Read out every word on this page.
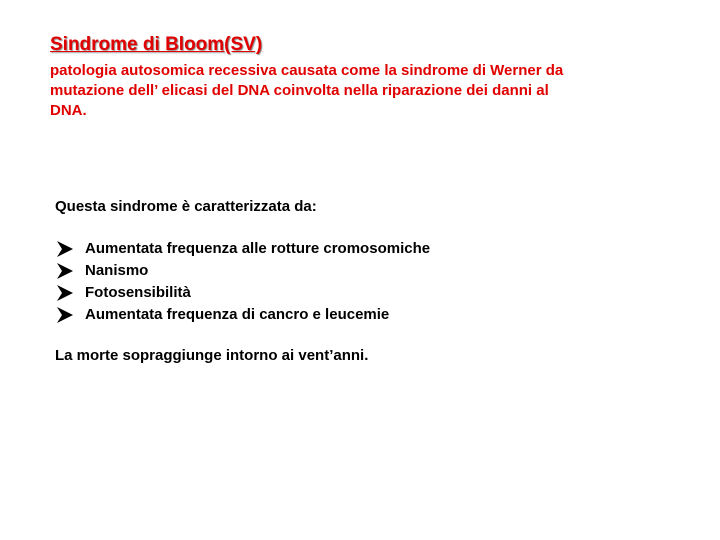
Sindrome di Bloom(SV)
patologia autosomica recessiva causata come la sindrome di Werner da
mutazione dell’ elicasi del DNA coinvolta nella riparazione dei danni al
DNA.
Questa sindrome è caratterizzata da:
Aumentata frequenza alle rotture cromosomiche
Nanismo
Fotosensibilità
Aumentata frequenza di cancro e leucemie
La morte sopraggiunge intorno ai vent’anni.
